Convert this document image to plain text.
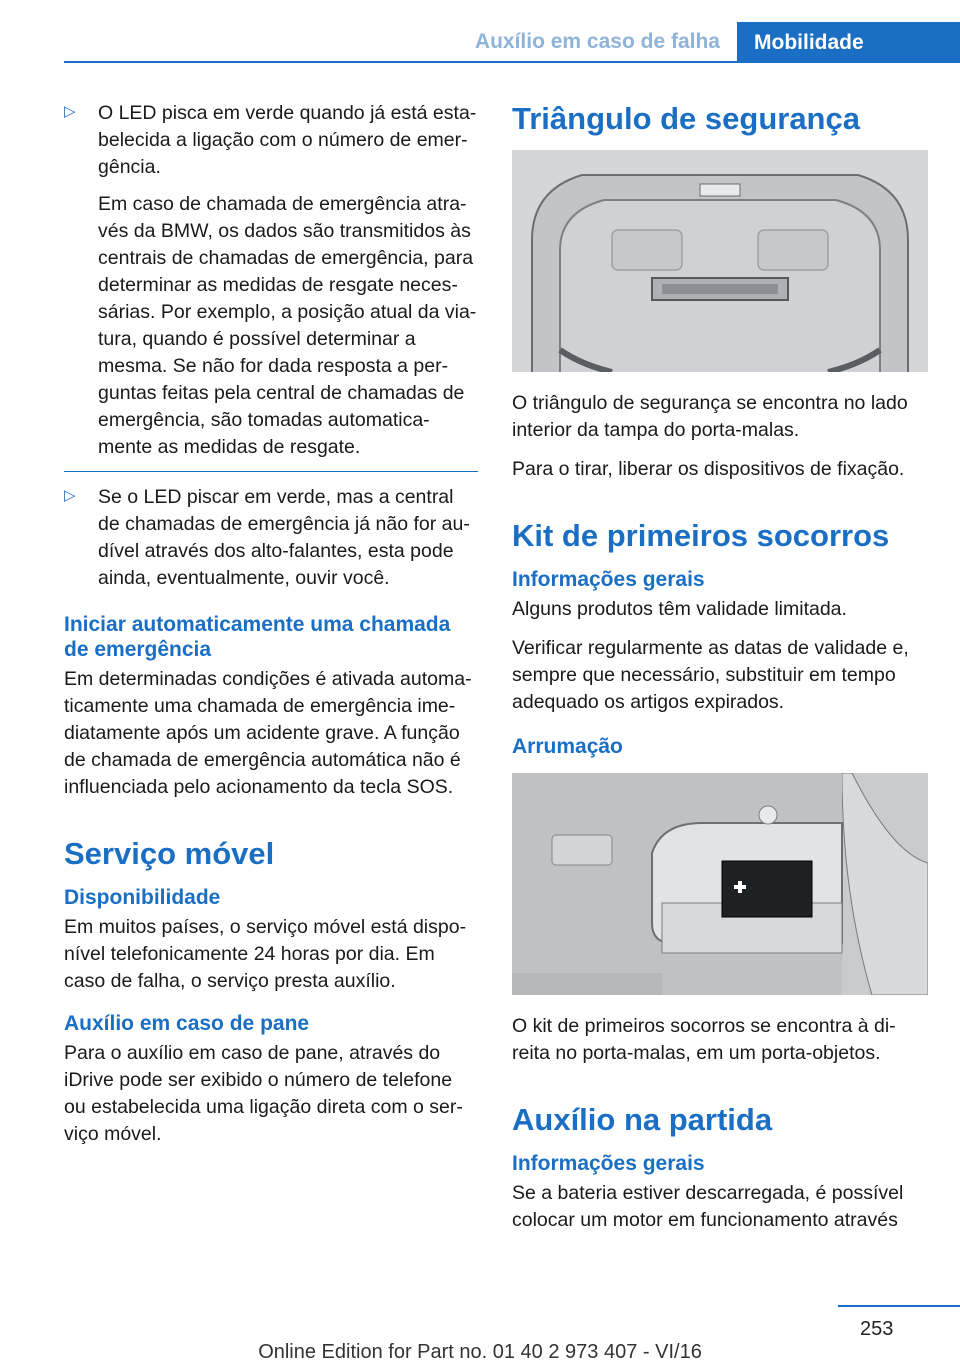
Auxílio em caso de falha Mobilidade
▷ O LED pisca em verde quando já está esta-belecida a ligação com o número de emer-gência.

Em caso de chamada de emergência atra-vés da BMW, os dados são transmitidos às centrais de chamadas de emergência, para determinar as medidas de resgate neces-sárias. Por exemplo, a posição atual da via-tura, quando é possível determinar a mesma. Se não for dada resposta a per-guntas feitas pela central de chamadas de emergência, são tomadas automatica-mente as medidas de resgate.

▷ Se o LED piscar em verde, mas a central de chamadas de emergência já não for au-dível através dos alto-falantes, esta pode ainda, eventualmente, ouvir você.

Iniciar automaticamente uma chamada de emergência

Em determinadas condições é ativada automa-ticamente uma chamada de emergência ime-diatamente após um acidente grave. A função de chamada de emergência automática não é influenciada pelo acionamento da tecla SOS.

Serviço móvel
Disponibilidade

Em muitos países, o serviço móvel está dispo-nível telefonicamente 24 horas por dia. Em caso de falha, o serviço presta auxílio.

Auxílio em caso de pane

Para o auxílio em caso de pane, através do iDrive pode ser exibido o número de telefone ou estabelecida uma ligação direta com o ser-viço móvel.

Triângulo de segurança

O triângulo de segurança se encontra no lado interior da tampa do porta-malas.

Para o tirar, liberar os dispositivos de fixação.

Kit de primeiros socorros
Informações gerais

Alguns produtos têm validade limitada.

Verificar regularmente as datas de validade e, sempre que necessário, substituir em tempo adequado os artigos expirados.

Arrumação

O kit de primeiros socorros se encontra à di-reita no porta-malas, em um porta-objetos.

Auxílio na partida
Informações gerais

Se a bateria estiver descarregada, é possível colocar um motor em funcionamento através

253
Online Edition for Part no. 01 40 2 973 407 - VI/16
